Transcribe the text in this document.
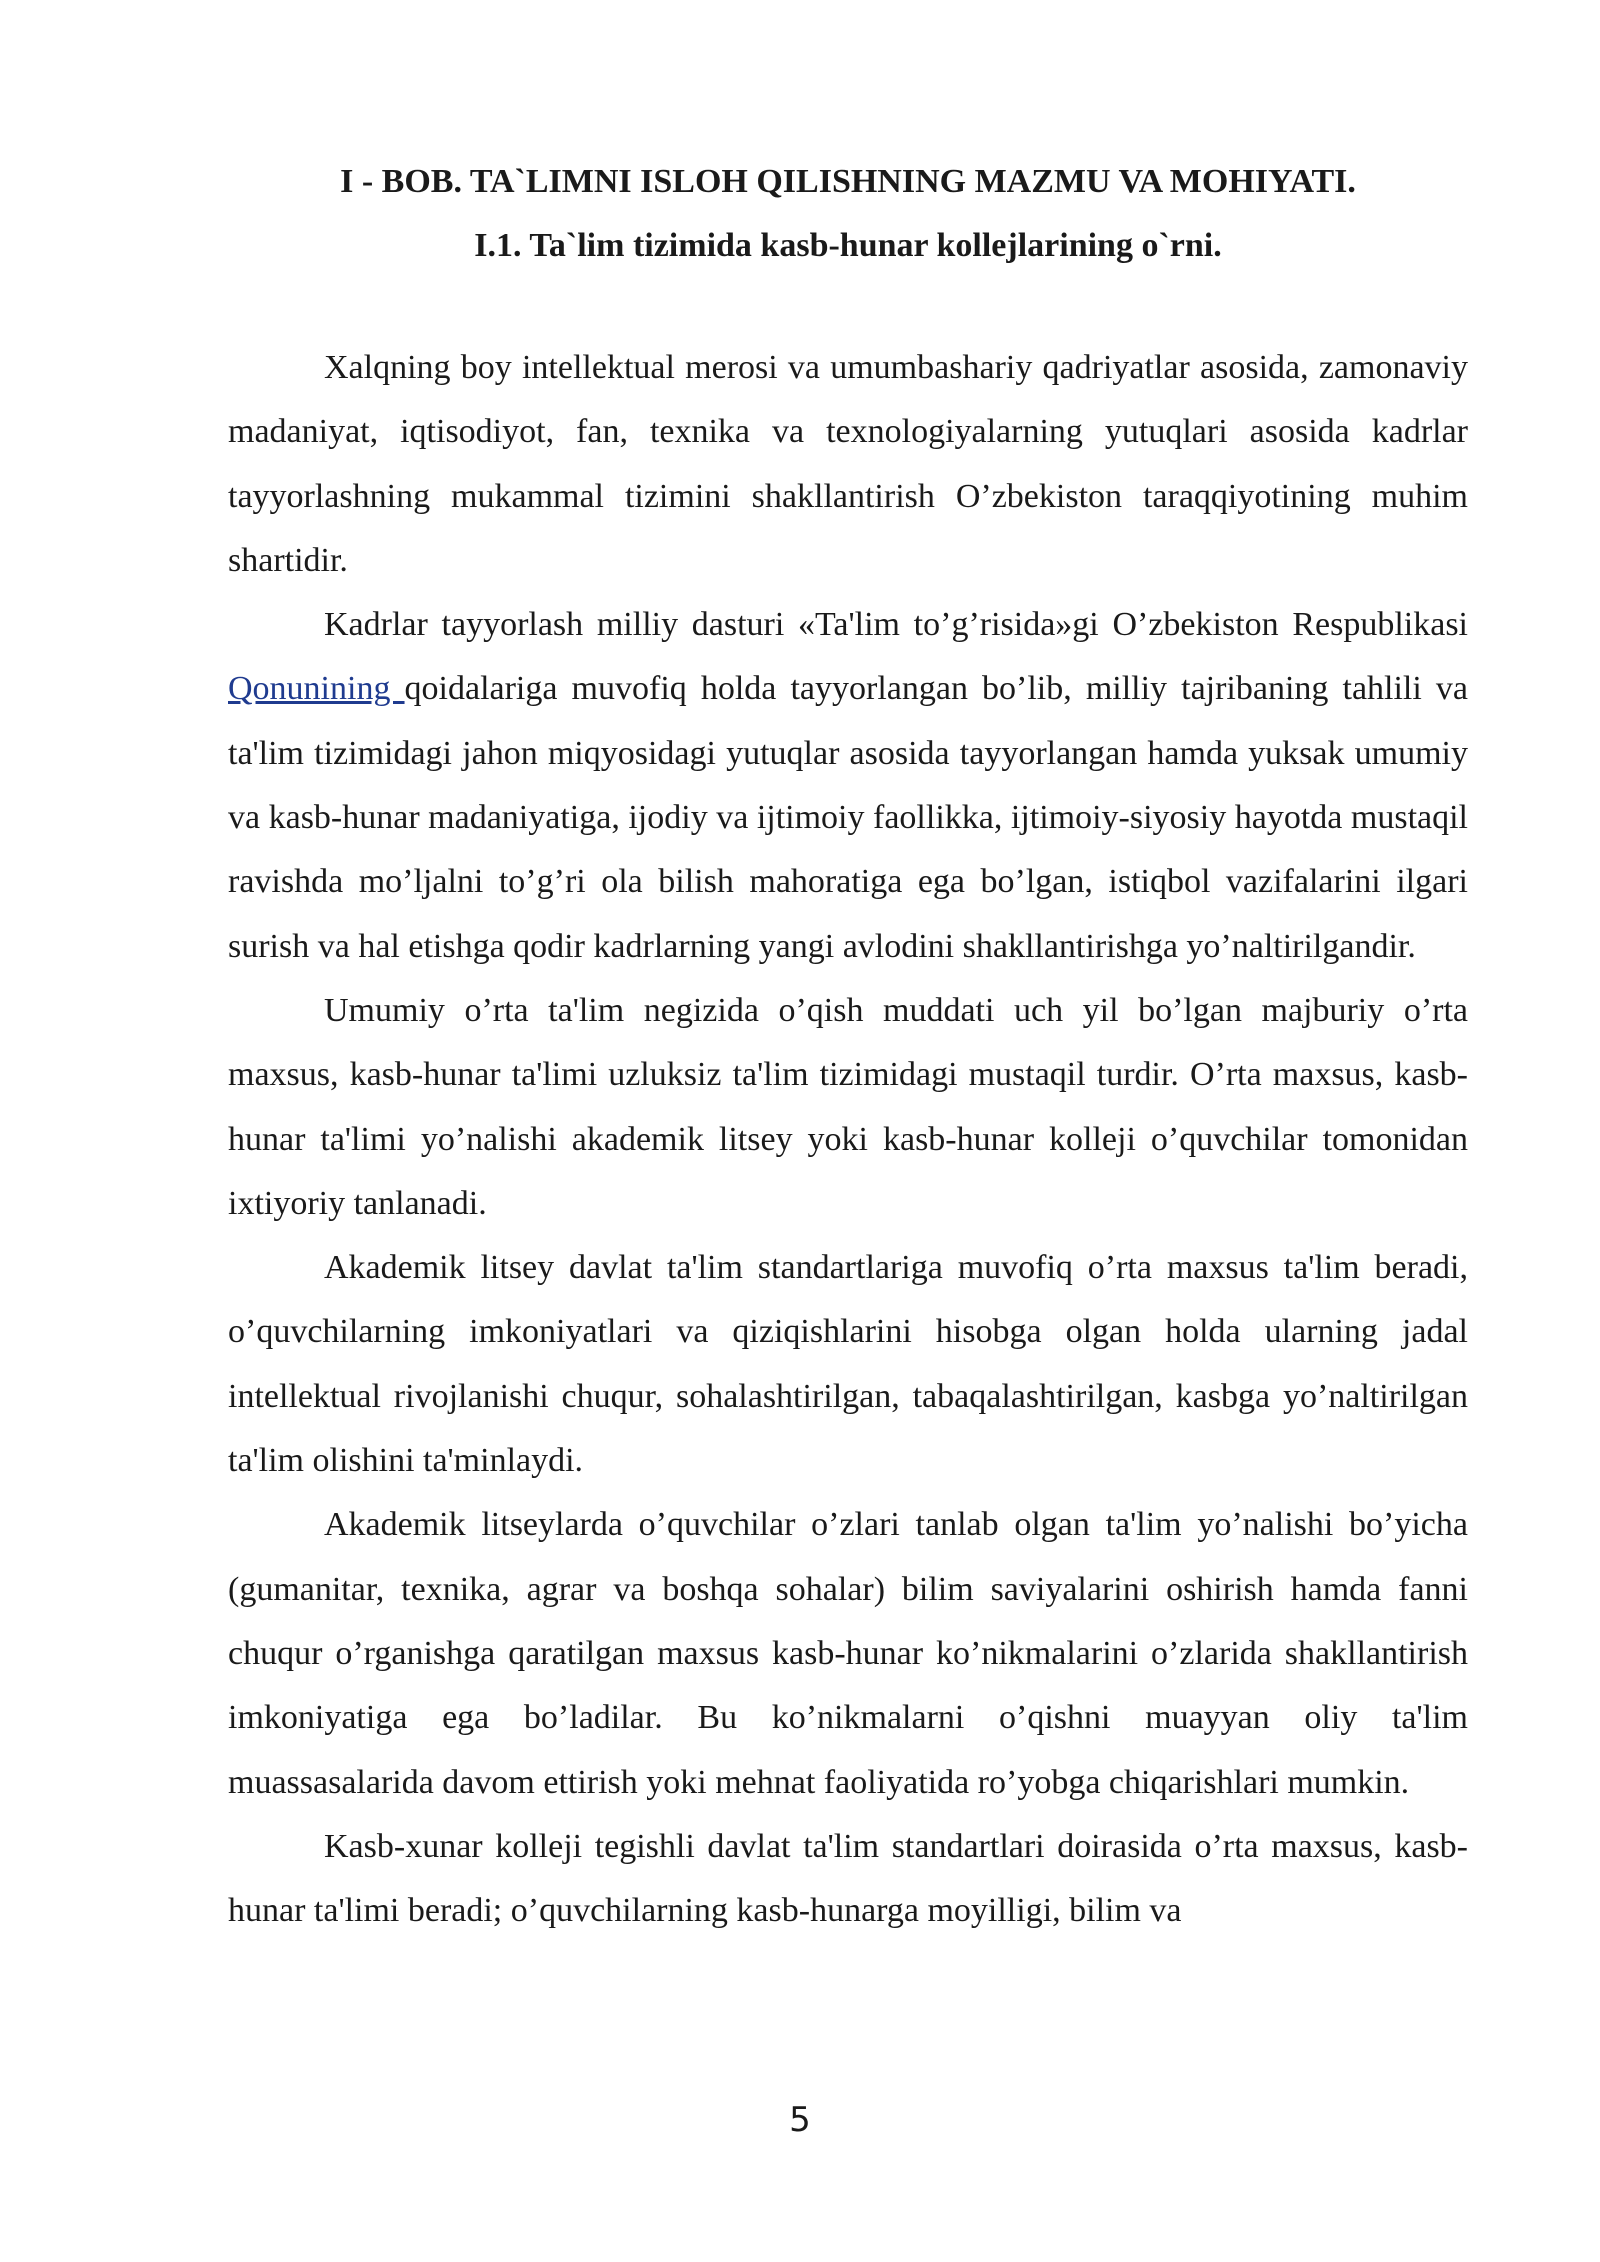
I - BOB. TA`LIMNI ISLOH QILISHNING MAZMU VA MOHIYATI.

I.1. Ta`lim tizimida kasb-hunar kollejlarining o`rni.

Xalqning boy intellektual merosi va umumbashariy qadriyatlar asosida, zamonaviy madaniyat, iqtisodiyot, fan, texnika va texnologiyalarning yutuqlari asosida kadrlar tayyorlashning mukammal tizimini shakllantirish O’zbekiston taraqqiyotining muhim shartidir.

Kadrlar tayyorlash milliy dasturi «Ta'lim to’g’risida»gi O’zbekiston Respublikasi Qonunining qoidalariga muvofiq holda tayyorlangan bo’lib, milliy tajribaning tahlili va ta'lim tizimidagi jahon miqyosidagi yutuqlar asosida tayyorlangan hamda yuksak umumiy va kasb-hunar madaniyatiga, ijodiy va ijtimoiy faollikka, ijtimoiy-siyosiy hayotda mustaqil ravishda mo’ljalni to’g’ri ola bilish mahoratiga ega bo’lgan, istiqbol vazifalarini ilgari surish va hal etishga qodir kadrlarning yangi avlodini shakllantirishga yo’naltirilgandir.

Umumiy o’rta ta'lim negizida o’qish muddati uch yil bo’lgan majburiy o’rta maxsus, kasb-hunar ta'limi uzluksiz ta'lim tizimidagi mustaqil turdir. O’rta maxsus, kasb-hunar ta'limi yo’nalishi akademik litsey yoki kasb-hunar kolleji o’quvchilar tomonidan ixtiyoriy tanlanadi.

Akademik litsey davlat ta'lim standartlariga muvofiq o’rta maxsus ta'lim beradi, o’quvchilarning imkoniyatlari va qiziqishlarini hisobga olgan holda ularning jadal intellektual rivojlanishi chuqur, sohalashtirilgan, tabaqalashtirilgan, kasbga yo’naltirilgan ta'lim olishini ta'minlaydi.

Akademik litseylarda o’quvchilar o’zlari tanlab olgan ta'lim yo’nalishi bo’yicha (gumanitar, texnika, agrar va boshqa sohalar) bilim saviyalarini oshirish hamda fanni chuqur o’rganishga qaratilgan maxsus kasb-hunar ko’nikmalarini o’zlarida shakllantirish imkoniyatiga ega bo’ladilar. Bu ko’nikmalarni o’qishni muayyan oliy ta'lim muassasalarida davom ettirish yoki mehnat faoliyatida ro’yobga chiqarishlari mumkin.

Kasb-xunar kolleji tegishli davlat ta'lim standartlari doirasida o’rta maxsus, kasb-hunar ta'limi beradi; o’quvchilarning kasb-hunarga moyilligi, bilim va

5
